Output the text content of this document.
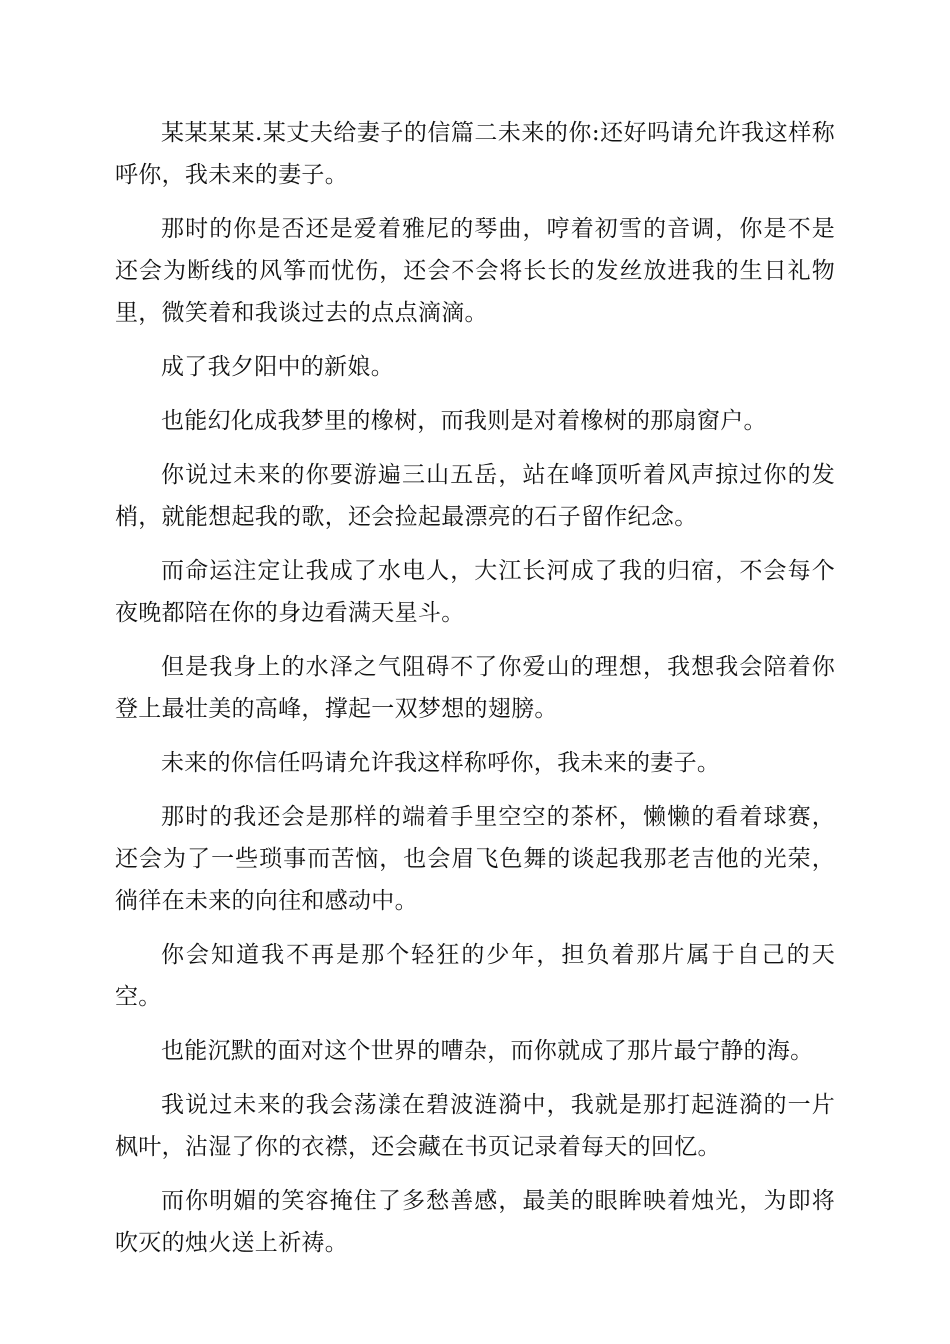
某某某某.某丈夫给妻子的信篇二未来的你:还好吗请允许我这样称呼你，我未来的妻子。

那时的你是否还是爱着雅尼的琴曲，哼着初雪的音调，你是不是还会为断线的风筝而忧伤，还会不会将长长的发丝放进我的生日礼物里，微笑着和我谈过去的点点滴滴。

成了我夕阳中的新娘。

也能幻化成我梦里的橡树，而我则是对着橡树的那扇窗户。

你说过未来的你要游遍三山五岳，站在峰顶听着风声掠过你的发梢，就能想起我的歌，还会捡起最漂亮的石子留作纪念。

而命运注定让我成了水电人，大江长河成了我的归宿，不会每个夜晚都陪在你的身边看满天星斗。

但是我身上的水泽之气阻碍不了你爱山的理想，我想我会陪着你登上最壮美的高峰，撑起一双梦想的翅膀。

未来的你信任吗请允许我这样称呼你，我未来的妻子。

那时的我还会是那样的端着手里空空的茶杯，懒懒的看着球赛，还会为了一些琐事而苦恼，也会眉飞色舞的谈起我那老吉他的光荣，徜徉在未来的向往和感动中。

你会知道我不再是那个轻狂的少年，担负着那片属于自己的天空。

也能沉默的面对这个世界的嘈杂，而你就成了那片最宁静的海。

我说过未来的我会荡漾在碧波涟漪中，我就是那打起涟漪的一片枫叶，沾湿了你的衣襟，还会藏在书页记录着每天的回忆。

而你明媚的笑容掩住了多愁善感，最美的眼眸映着烛光，为即将吹灭的烛火送上祈祷。
